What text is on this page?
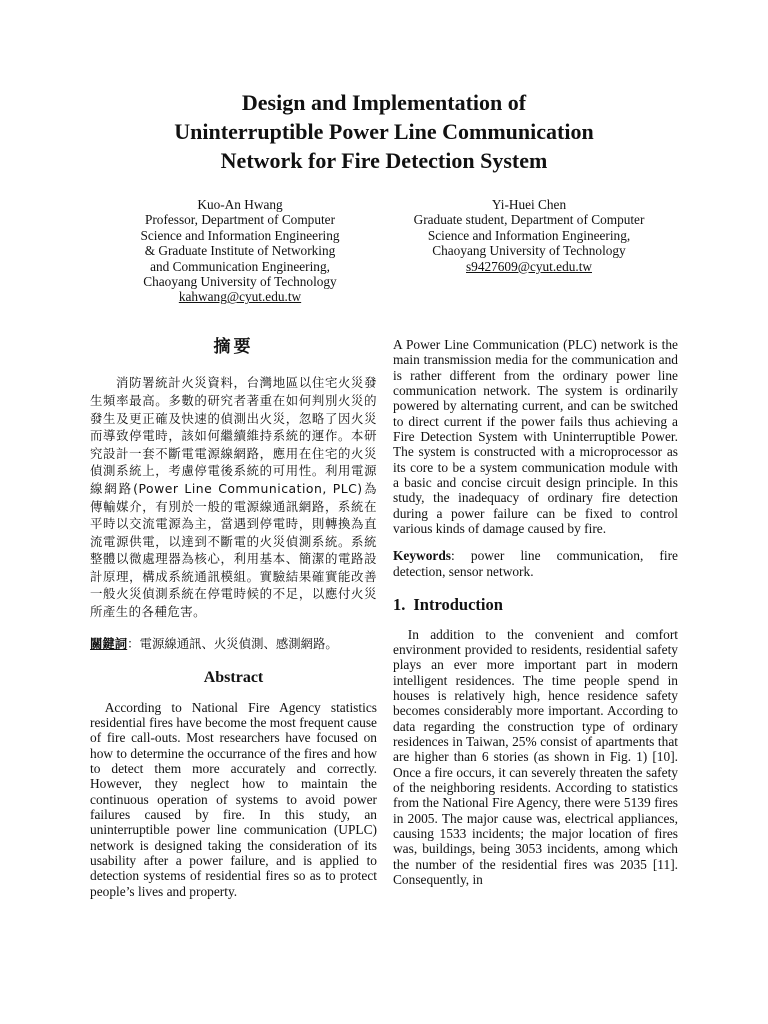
Design and Implementation of
Uninterruptible Power Line Communication
Network for Fire Detection System
Kuo-An Hwang
Professor, Department of Computer
Science and Information Engineering
& Graduate Institute of Networking
and Communication Engineering,
Chaoyang University of Technology
kahwang@cyut.edu.tw
Yi-Huei Chen
Graduate student, Department of Computer
Science and Information Engineering,
Chaoyang University of Technology
s9427609@cyut.edu.tw
摘要

消防署統計火災資料，台灣地區以住宅火災發生頻率最高。多數的研究者著重在如何判別火災的發生及更正確及快速的偵測出火災，忽略了因火災而導致停電時，該如何繼續維持系統的運作。本研究設計一套不斷電電源線網路，應用在住宅的火災偵測系統上，考慮停電後系統的可用性。利用電源線網路(Power Line Communication, PLC)為傳輸媒介，有別於一般的電源線通訊網路，系統在平時以交流電源為主，當遇到停電時，則轉換為直流電源供電，以達到不斷電的火災偵測系統。系統整體以微處理器為核心，利用基本、簡潔的電路設計原理，構成系統通訊模組。實驗結果確實能改善一般火災偵測系統在停電時候的不足，以應付火災所產生的各種危害。

關鍵詞：電源線通訊、火災偵測、感測網路。

Abstract

According to National Fire Agency statistics residential fires have become the most frequent cause of fire call-outs. Most researchers have focused on how to determine the occurrance of the fires and how to detect them more accurately and correctly. However, they neglect how to maintain the continuous operation of systems to avoid power failures caused by fire. In this study, an uninterruptible power line communication (UPLC) network is designed taking the consideration of its usability after a power failure, and is applied to detection systems of residential fires so as to protect people’s lives and property.

A Power Line Communication (PLC) network is the main transmission media for the communication and is rather different from the ordinary power line communication network. The system is ordinarily powered by alternating current, and can be switched to direct current if the power fails thus achieving a Fire Detection System with Uninterruptible Power. The system is constructed with a microprocessor as its core to be a system communication module with a basic and concise circuit design principle. In this study, the inadequacy of ordinary fire detection during a power failure can be fixed to control various kinds of damage caused by fire.

Keywords: power line communication, fire detection, sensor network.

1. Introduction

In addition to the convenient and comfort environment provided to residents, residential safety plays an ever more important part in modern intelligent residences. The time people spend in houses is relatively high, hence residence safety becomes considerably more important. According to data regarding the construction type of ordinary residences in Taiwan, 25% consist of apartments that are higher than 6 stories (as shown in Fig. 1) [10]. Once a fire occurs, it can severely threaten the safety of the neighboring residents. According to statistics from the National Fire Agency, there were 5139 fires in 2005. The major cause was, electrical appliances, causing 1533 incidents; the major location of fires was, buildings, being 3053 incidents, among which the number of the residential fires was 2035 [11]. Consequently, in
